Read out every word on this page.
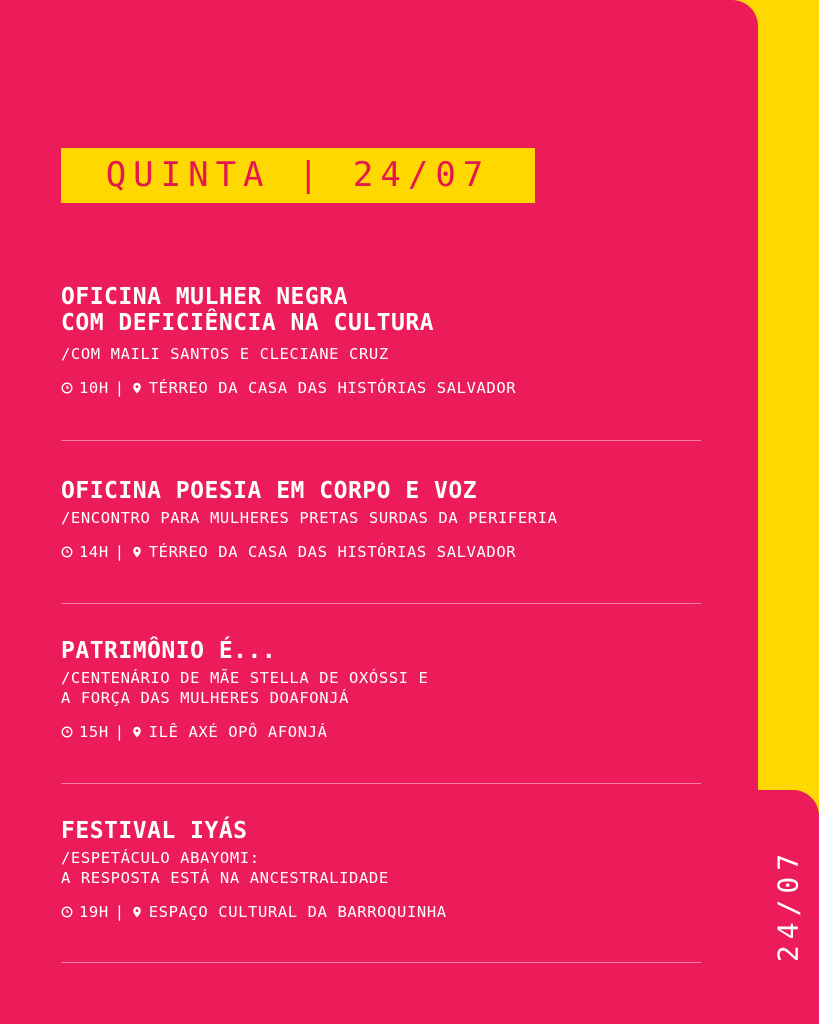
24/07
QUINTA | 24/07
OFICINA MULHER NEGRA
COM DEFICIÊNCIA NA CULTURA
/COM MAILI SANTOS E CLECIANE CRUZ
10H | TÉRREO DA CASA DAS HISTÓRIAS SALVADOR
OFICINA POESIA EM CORPO E VOZ
/ENCONTRO PARA MULHERES PRETAS SURDAS DA PERIFERIA
14H | TÉRREO DA CASA DAS HISTÓRIAS SALVADOR
PATRIMÔNIO É...
/CENTENÁRIO DE MÃE STELLA DE OXÓSSI E
A FORÇA DAS MULHERES DOAFONJÁ
15H | ILÊ AXÉ OPÔ AFONJÁ
FESTIVAL IYÁS
/ESPETÁCULO ABAYOMI:
A RESPOSTA ESTÁ NA ANCESTRALIDADE
19H | ESPAÇO CULTURAL DA BARROQUINHA
